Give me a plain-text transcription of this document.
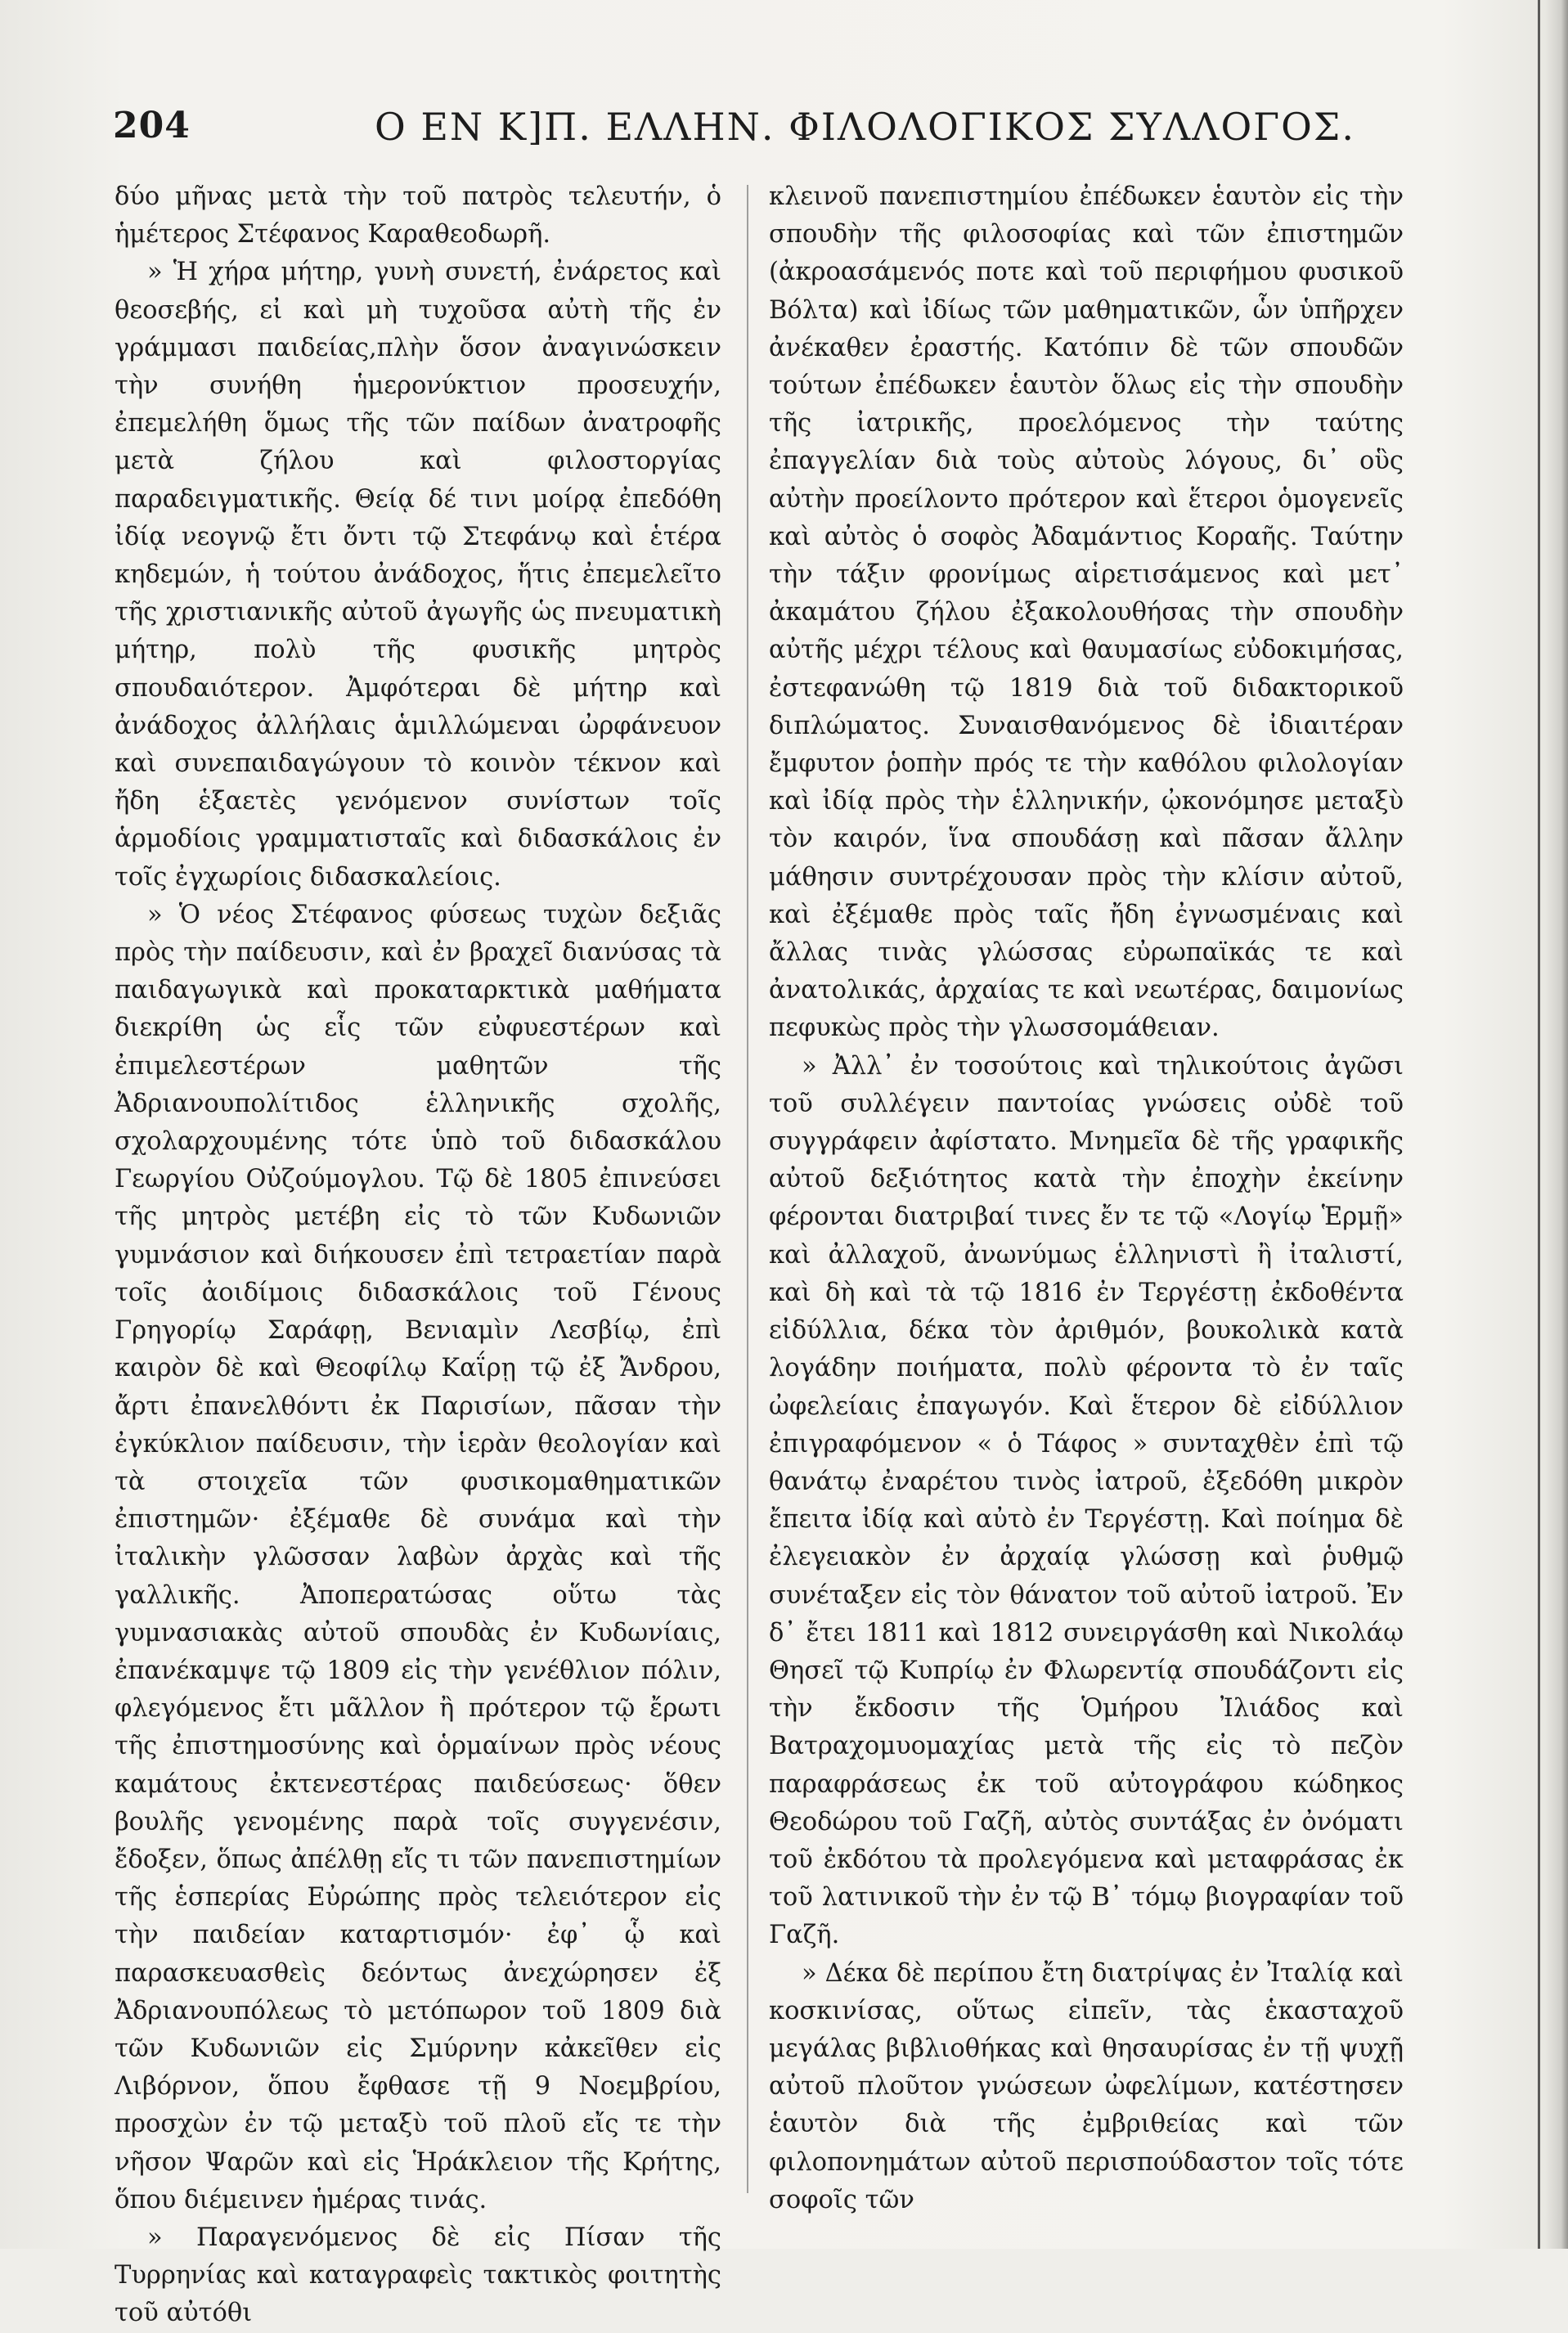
204	Ο ΕΝ Κ]Π. ΕΛΛΗΝ. ΦΙΛΟΛΟΓΙΚΟΣ ΣΥΛΛΟΓΟΣ.

δύο μῆνας μετὰ τὴν τοῦ πατρὸς τελευτήν, ὁ ἡμέτερος Στέφανος Καραθεοδωρῆ.

» Ἡ χήρα μήτηρ, γυνὴ συνετή, ἐνάρετος καὶ θεοσεβής, εἰ καὶ μὴ τυχοῦσα αὐτὴ τῆς ἐν γράμμασι παιδείας,πλὴν ὅσον ἀναγινώσκειν τὴν συνήθη ἡμερονύκτιον προσευχήν, ἐπεμελήθη ὅμως τῆς τῶν παίδων ἀνατροφῆς μετὰ ζήλου καὶ φιλοστοργίας παραδειγματικῆς. Θείᾳ δέ τινι μοίρᾳ ἐπεδόθη ἰδίᾳ νεογνῷ ἔτι ὄντι τῷ Στεφάνῳ καὶ ἑτέρα κηδεμών, ἡ τούτου ἀνάδοχος, ἥτις ἐπεμελεῖτο τῆς χριστιανικῆς αὐτοῦ ἀγωγῆς ὡς πνευματικὴ μήτηρ, πολὺ τῆς φυσικῆς μητρὸς σπουδαιότερον. Ἀμφότεραι δὲ μήτηρ καὶ ἀνάδοχος ἀλλήλαις ἁμιλλώμεναι ὠρφάνευον καὶ συνεπαιδαγώγουν τὸ κοινὸν τέκνον καὶ ἤδη ἑξαετὲς γενόμενον συνίστων τοῖς ἁρμοδίοις γραμματισταῖς καὶ διδασκάλοις ἐν τοῖς ἐγχωρίοις διδασκαλείοις.

» Ὁ νέος Στέφανος φύσεως τυχὼν δεξιᾶς πρὸς τὴν παίδευσιν, καὶ ἐν βραχεῖ διανύσας τὰ παιδαγωγικὰ καὶ προκαταρκτικὰ μαθήματα διεκρίθη ὡς εἷς τῶν εὐφυεστέρων καὶ ἐπιμελεστέρων μαθητῶν τῆς Ἀδριανουπολίτιδος ἑλληνικῆς σχολῆς, σχολαρχουμένης τότε ὑπὸ τοῦ διδασκάλου Γεωργίου Οὐζούμογλου. Τῷ δὲ 1805 ἐπινεύσει τῆς μητρὸς μετέβη εἰς τὸ τῶν Κυδωνιῶν γυμνάσιον καὶ διήκουσεν ἐπὶ τετραετίαν παρὰ τοῖς ἀοιδίμοις διδασκάλοις τοῦ Γένους Γρηγορίῳ Σαράφῃ, Βενιαμὶν Λεσβίῳ, ἐπὶ καιρὸν δὲ καὶ Θεοφίλῳ Καΐρῃ τῷ ἐξ Ἄνδρου, ἄρτι ἐπανελθόντι ἐκ Παρισίων, πᾶσαν τὴν ἐγκύκλιον παίδευσιν, τὴν ἱερὰν θεολογίαν καὶ τὰ στοιχεῖα τῶν φυσικομαθηματικῶν ἐπιστημῶν· ἐξέμαθε δὲ συνάμα καὶ τὴν ἰταλικὴν γλῶσσαν λαβὼν ἀρχὰς καὶ τῆς γαλλικῆς. Ἀποπερατώσας οὕτω τὰς γυμνασιακὰς αὐτοῦ σπουδὰς ἐν Κυδωνίαις, ἐπανέκαμψε τῷ 1809 εἰς τὴν γενέθλιον πόλιν, φλεγόμενος ἔτι μᾶλλον ἢ πρότερον τῷ ἔρωτι τῆς ἐπιστημοσύνης καὶ ὁρμαίνων πρὸς νέους καμάτους ἐκτενεστέρας παιδεύσεως· ὅθεν βουλῆς γενομένης παρὰ τοῖς συγγενέσιν, ἔδοξεν, ὅπως ἀπέλθῃ εἴς τι τῶν πανεπιστημίων τῆς ἑσπερίας Εὐρώπης πρὸς τελειότερον εἰς τὴν παιδείαν καταρτισμόν· ἐφ᾽ ᾧ καὶ παρασκευασθεὶς δεόντως ἀνεχώρησεν ἐξ Ἀδριανουπόλεως τὸ μετόπωρον τοῦ 1809 διὰ τῶν Κυδωνιῶν εἰς Σμύρνην κἀκεῖθεν εἰς Λιβόρνον, ὅπου ἔφθασε τῇ 9 Νοεμβρίου, προσχὼν ἐν τῷ μεταξὺ τοῦ πλοῦ εἴς τε τὴν νῆσον Ψαρῶν καὶ εἰς Ἡράκλειον τῆς Κρήτης, ὅπου διέμεινεν ἡμέρας τινάς.

» Παραγενόμενος δὲ εἰς Πίσαν τῆς Τυρρηνίας καὶ καταγραφεὶς τακτικὸς φοιτητὴς τοῦ αὐτόθι

κλεινοῦ πανεπιστημίου ἐπέδωκεν ἑαυτὸν εἰς τὴν σπουδὴν τῆς φιλοσοφίας καὶ τῶν ἐπιστημῶν (ἀκροασάμενός ποτε καὶ τοῦ περιφήμου φυσικοῦ Βόλτα) καὶ ἰδίως τῶν μαθηματικῶν, ὧν ὑπῆρχεν ἀνέκαθεν ἐραστής. Κατόπιν δὲ τῶν σπουδῶν τούτων ἐπέδωκεν ἑαυτὸν ὅλως εἰς τὴν σπουδὴν τῆς ἰατρικῆς, προελόμενος τὴν ταύτης ἐπαγγελίαν διὰ τοὺς αὐτοὺς λόγους, δι᾽ οὓς αὐτὴν προείλοντο πρότερον καὶ ἕτεροι ὁμογενεῖς καὶ αὐτὸς ὁ σοφὸς Ἀδαμάντιος Κοραῆς. Ταύτην τὴν τάξιν φρονίμως αἱρετισάμενος καὶ μετ᾽ ἀκαμάτου ζήλου ἐξακολουθήσας τὴν σπουδὴν αὐτῆς μέχρι τέλους καὶ θαυμασίως εὐδοκιμήσας, ἐστεφανώθη τῷ 1819 διὰ τοῦ διδακτορικοῦ διπλώματος. Συναισθανόμενος δὲ ἰδιαιτέραν ἔμφυτον ῥοπὴν πρός τε τὴν καθόλου φιλολογίαν καὶ ἰδίᾳ πρὸς τὴν ἑλληνικήν, ᾠκονόμησε μεταξὺ τὸν καιρόν, ἵνα σπουδάσῃ καὶ πᾶσαν ἄλλην μάθησιν συντρέχουσαν πρὸς τὴν κλίσιν αὐτοῦ, καὶ ἐξέμαθε πρὸς ταῖς ἤδη ἐγνωσμέναις καὶ ἄλλας τινὰς γλώσσας εὐρωπαϊκάς τε καὶ ἀνατολικάς, ἀρχαίας τε καὶ νεωτέρας, δαιμονίως πεφυκὼς πρὸς τὴν γλωσσομάθειαν.

» Ἀλλ᾽ ἐν τοσούτοις καὶ τηλικούτοις ἀγῶσι τοῦ συλλέγειν παντοίας γνώσεις οὐδὲ τοῦ συγγράφειν ἀφίστατο. Μνημεῖα δὲ τῆς γραφικῆς αὐτοῦ δεξιότητος κατὰ τὴν ἐποχὴν ἐκείνην φέρονται διατριβαί τινες ἔν τε τῷ «Λογίῳ Ἑρμῇ» καὶ ἀλλαχοῦ, ἀνωνύμως ἑλληνιστὶ ἢ ἰταλιστί, καὶ δὴ καὶ τὰ τῷ 1816 ἐν Τεργέστῃ ἐκδοθέντα εἰδύλλια, δέκα τὸν ἀριθμόν, βουκολικὰ κατὰ λογάδην ποιήματα, πολὺ φέροντα τὸ ἐν ταῖς ὠφελείαις ἐπαγωγόν. Καὶ ἕτερον δὲ εἰδύλλιον ἐπιγραφόμενον « ὁ Τάφος » συνταχθὲν ἐπὶ τῷ θανάτῳ ἐναρέτου τινὸς ἰατροῦ, ἐξεδόθη μικρὸν ἔπειτα ἰδίᾳ καὶ αὐτὸ ἐν Τεργέστῃ. Καὶ ποίημα δὲ ἐλεγειακὸν ἐν ἀρχαίᾳ γλώσσῃ καὶ ῥυθμῷ συνέταξεν εἰς τὸν θάνατον τοῦ αὐτοῦ ἰατροῦ. Ἐν δ᾽ ἔτει 1811 καὶ 1812 συνειργάσθη καὶ Νικολάῳ Θησεῖ τῷ Κυπρίῳ ἐν Φλωρεντίᾳ σπουδάζοντι εἰς τὴν ἔκδοσιν τῆς Ὁμήρου Ἰλιάδος καὶ Βατραχομυομαχίας μετὰ τῆς εἰς τὸ πεζὸν παραφράσεως ἐκ τοῦ αὐτογράφου κώδηκος Θεοδώρου τοῦ Γαζῆ, αὐτὸς συντάξας ἐν ὀνόματι τοῦ ἐκδότου τὰ προλεγόμενα καὶ μεταφράσας ἐκ τοῦ λατινικοῦ τὴν ἐν τῷ Β᾽ τόμῳ βιογραφίαν τοῦ Γαζῆ.

» Δέκα δὲ περίπου ἔτη διατρίψας ἐν Ἰταλίᾳ καὶ κοσκινίσας, οὕτως εἰπεῖν, τὰς ἑκασταχοῦ μεγάλας βιβλιοθήκας καὶ θησαυρίσας ἐν τῇ ψυχῇ αὐτοῦ πλοῦτον γνώσεων ὠφελίμων, κατέστησεν ἑαυτὸν διὰ τῆς ἐμβριθείας καὶ τῶν φιλοπονημάτων αὐτοῦ περισπούδαστον τοῖς τότε σοφοῖς τῶν
